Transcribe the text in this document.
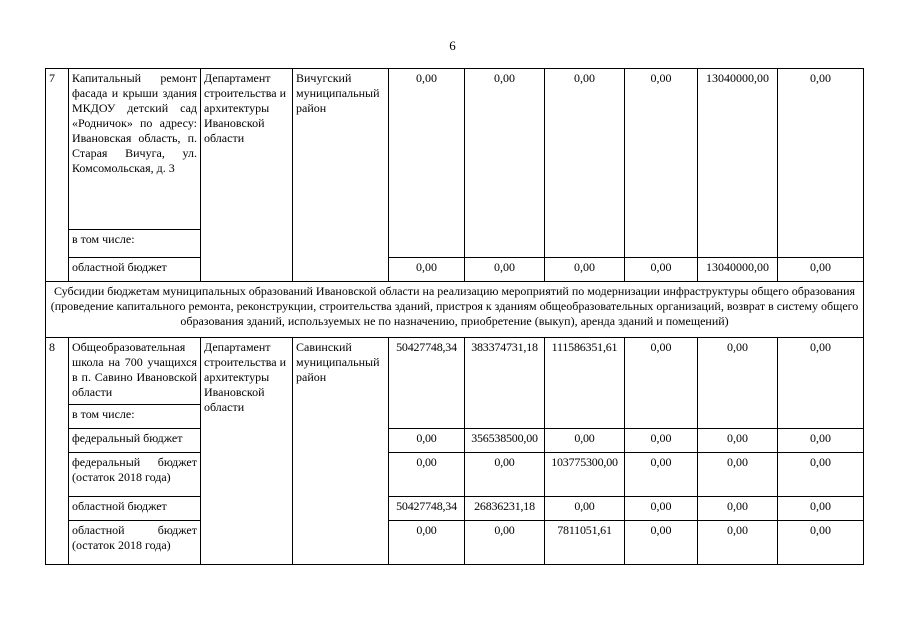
6
7	Капитальный ремонт фасада и крыши здания МКДОУ детский сад «Родничок» по адресу: Ивановская область, п. Старая Вичуга, ул. Комсомольская, д. 3	Департамент строительства и архитектуры Ивановской области	Вичугский муниципальный район	0,00	0,00	0,00	0,00	13040000,00	0,00
	в том числе:								
	областной бюджет			0,00	0,00	0,00	0,00	13040000,00	0,00
Субсидии бюджетам муниципальных образований Ивановской области на реализацию мероприятий по модернизации инфраструктуры общего образования (проведение капитального ремонта, реконструкции, строительства зданий, пристроя к зданиям общеобразовательных организаций, возврат в систему общего образования зданий, используемых не по назначению, приобретение (выкуп), аренда зданий и помещений)									
8	Общеобразовательная школа на 700 учащихся в п. Савино Ивановской области	Департамент строительства и архитектуры Ивановской области	Савинский муниципальный район	50427748,34	383374731,18	111586351,61	0,00	0,00	0,00
	в том числе:								
	федеральный бюджет			0,00	356538500,00	0,00	0,00	0,00	0,00
	федеральный бюджет (остаток 2018 года)			0,00	0,00	103775300,00	0,00	0,00	0,00
	областной бюджет			50427748,34	26836231,18	0,00	0,00	0,00	0,00
	областной бюджет (остаток 2018 года)			0,00	0,00	7811051,61	0,00	0,00	0,00
